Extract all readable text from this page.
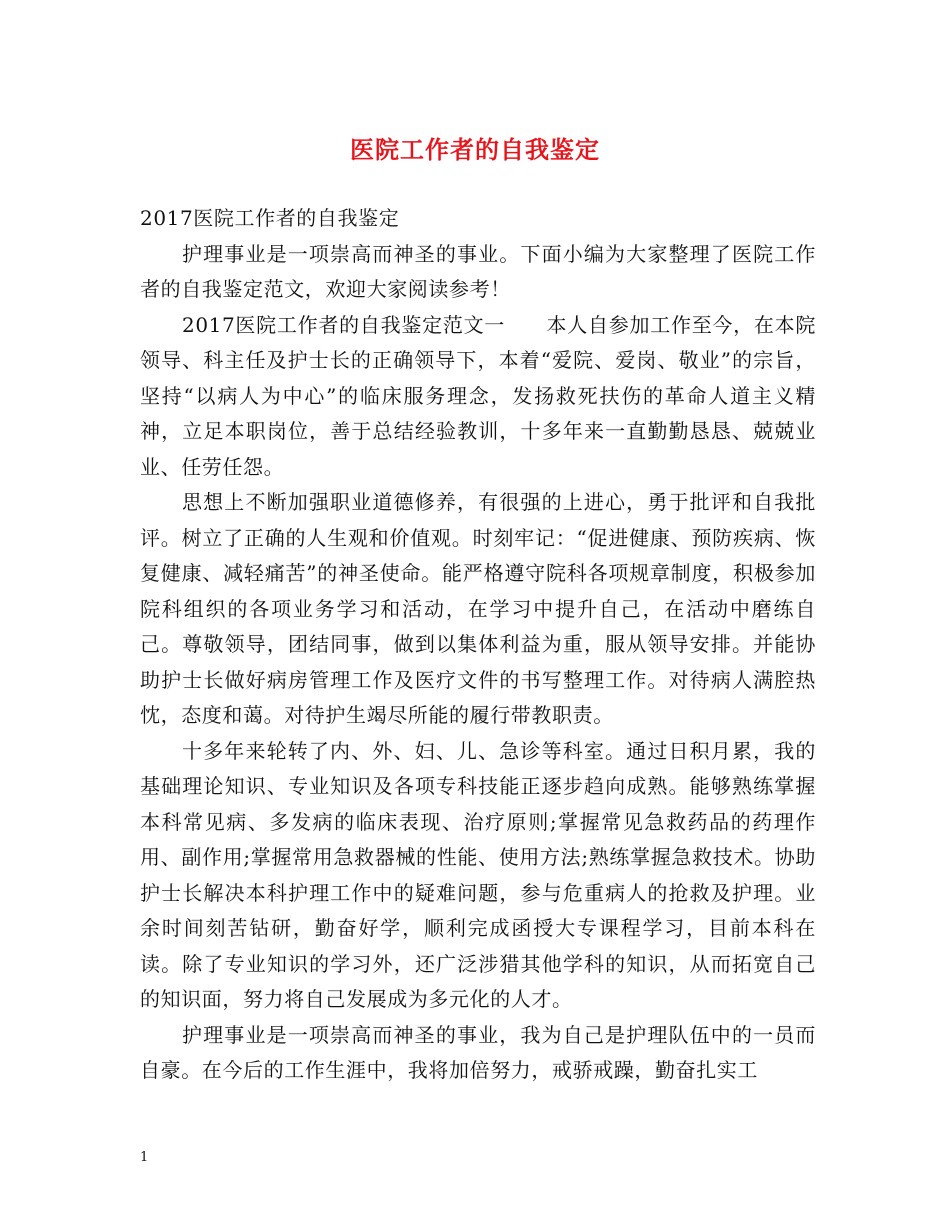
医院工作者的自我鉴定

2017医院工作者的自我鉴定

护理事业是一项崇高而神圣的事业。下面小编为大家整理了医院工作者的自我鉴定范文，欢迎大家阅读参考！

2017医院工作者的自我鉴定范文一　　本人自参加工作至今，在本院领导、科主任及护士长的正确领导下，本着“爱院、爱岗、敬业”的宗旨，坚持“以病人为中心”的临床服务理念，发扬救死扶伤的革命人道主义精神，立足本职岗位，善于总结经验教训，十多年来一直勤勤恳恳、兢兢业业、任劳任怨。

思想上不断加强职业道德修养，有很强的上进心，勇于批评和自我批评。树立了正确的人生观和价值观。时刻牢记：“促进健康、预防疾病、恢复健康、减轻痛苦”的神圣使命。能严格遵守院科各项规章制度，积极参加院科组织的各项业务学习和活动，在学习中提升自己，在活动中磨练自己。尊敬领导，团结同事，做到以集体利益为重，服从领导安排。并能协助护士长做好病房管理工作及医疗文件的书写整理工作。对待病人满腔热忱，态度和蔼。对待护生竭尽所能的履行带教职责。

十多年来轮转了内、外、妇、儿、急诊等科室。通过日积月累，我的基础理论知识、专业知识及各项专科技能正逐步趋向成熟。能够熟练掌握本科常见病、多发病的临床表现、治疗原则;掌握常见急救药品的药理作用、副作用;掌握常用急救器械的性能、使用方法;熟练掌握急救技术。协助护士长解决本科护理工作中的疑难问题，参与危重病人的抢救及护理。业余时间刻苦钻研，勤奋好学，顺利完成函授大专课程学习，目前本科在读。除了专业知识的学习外，还广泛涉猎其他学科的知识，从而拓宽自己的知识面，努力将自己发展成为多元化的人才。

护理事业是一项崇高而神圣的事业，我为自己是护理队伍中的一员而自豪。在今后的工作生涯中，我将加倍努力，戒骄戒躁，勤奋扎实工

1
